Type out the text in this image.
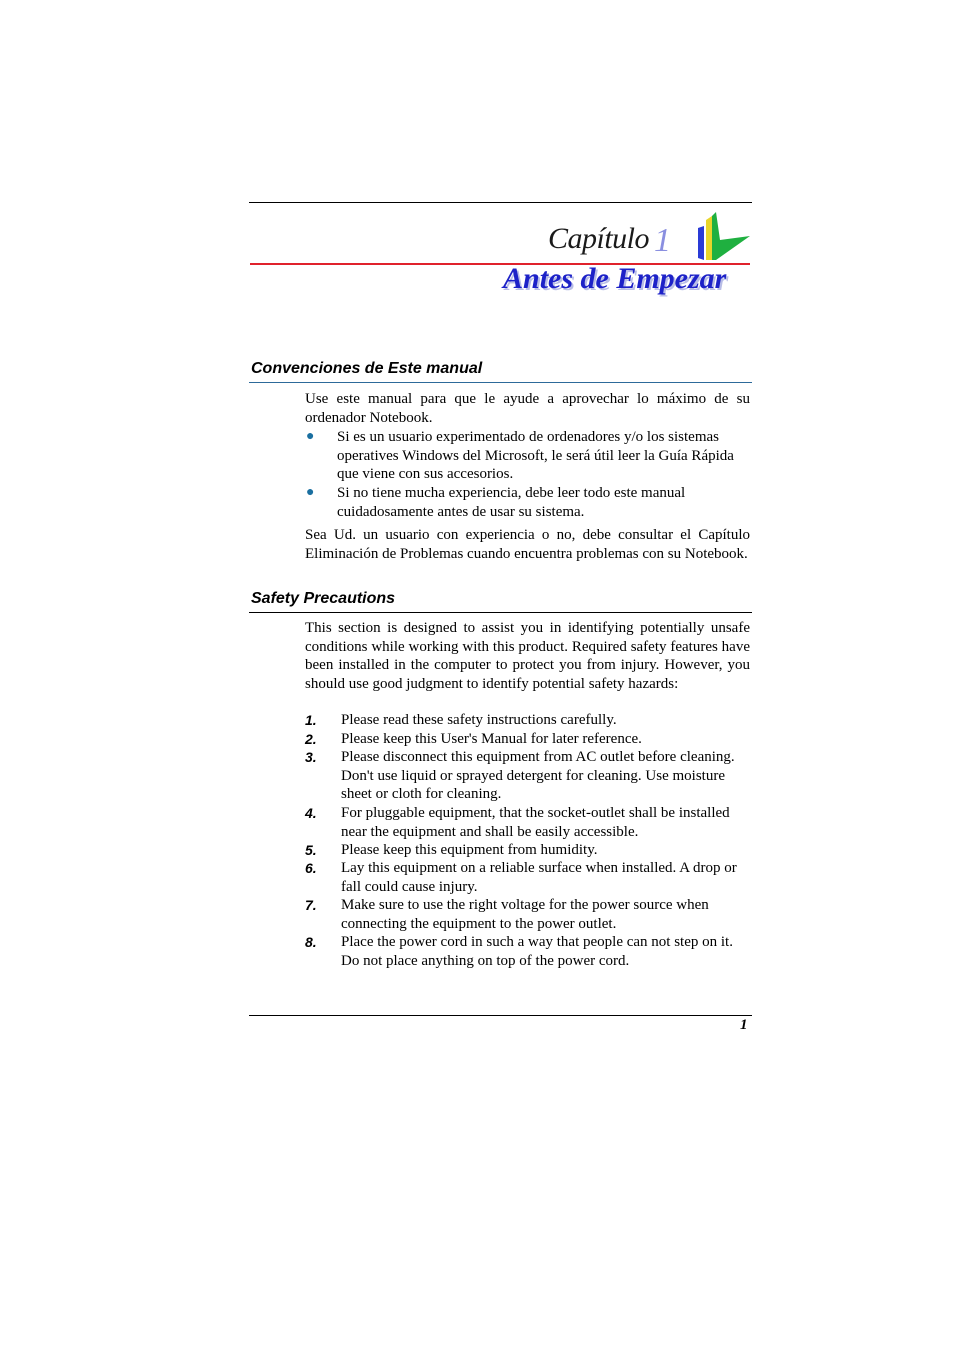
Capítulo 1
Antes de Empezar
Convenciones de Este manual
Use este manual para que le ayude a aprovechar lo máximo de su ordenador Notebook.
● Si es un usuario experimentado de ordenadores y/o los sistemas operatives Windows del Microsoft, le será útil leer la Guía Rápida que viene con sus accesorios.
● Si no tiene mucha experiencia, debe leer todo este manual cuidadosamente antes de usar su sistema.
Sea Ud. un usuario con experiencia o no, debe consultar el Capítulo Eliminación de Problemas cuando encuentra problemas con su Notebook.
Safety Precautions
This section is designed to assist you in identifying potentially unsafe conditions while working with this product. Required safety features have been installed in the computer to protect you from injury. However, you should use good judgment to identify potential safety hazards:
1. Please read these safety instructions carefully.
2. Please keep this User's Manual for later reference.
3. Please disconnect this equipment from AC outlet before cleaning. Don't use liquid or sprayed detergent for cleaning. Use moisture sheet or cloth for cleaning.
4. For pluggable equipment, that the socket-outlet shall be installed near the equipment and shall be easily accessible.
5. Please keep this equipment from humidity.
6. Lay this equipment on a reliable surface when installed. A drop or fall could cause injury.
7. Make sure to use the right voltage for the power source when connecting the equipment to the power outlet.
8. Place the power cord in such a way that people can not step on it. Do not place anything on top of the power cord.
1
